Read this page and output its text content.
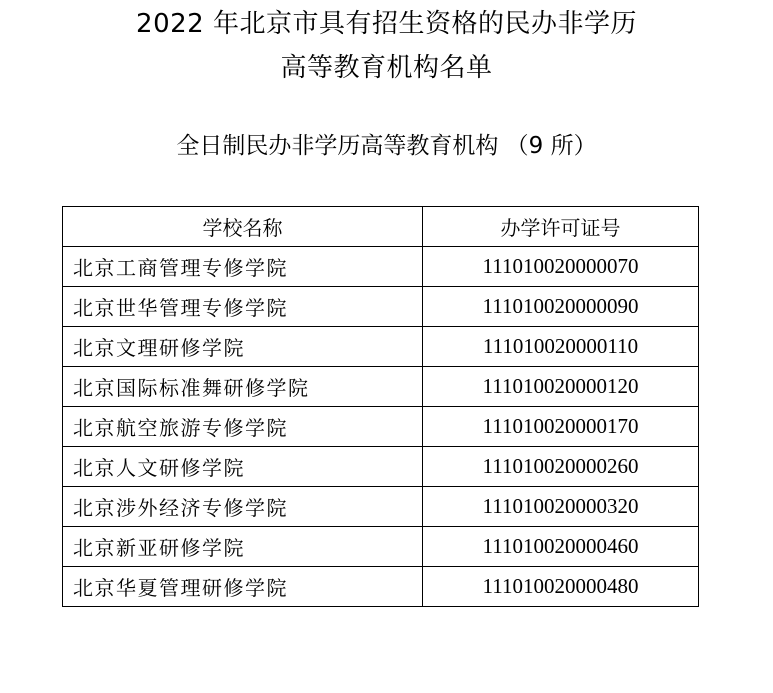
2022 年北京市具有招生资格的民办非学历
高等教育机构名单
全日制民办非学历高等教育机构 （9 所）
学校名称	办学许可证号
北京工商管理专修学院	111010020000070
北京世华管理专修学院	111010020000090
北京文理研修学院	111010020000110
北京国际标准舞研修学院	111010020000120
北京航空旅游专修学院	111010020000170
北京人文研修学院	111010020000260
北京涉外经济专修学院	111010020000320
北京新亚研修学院	111010020000460
北京华夏管理研修学院	111010020000480
